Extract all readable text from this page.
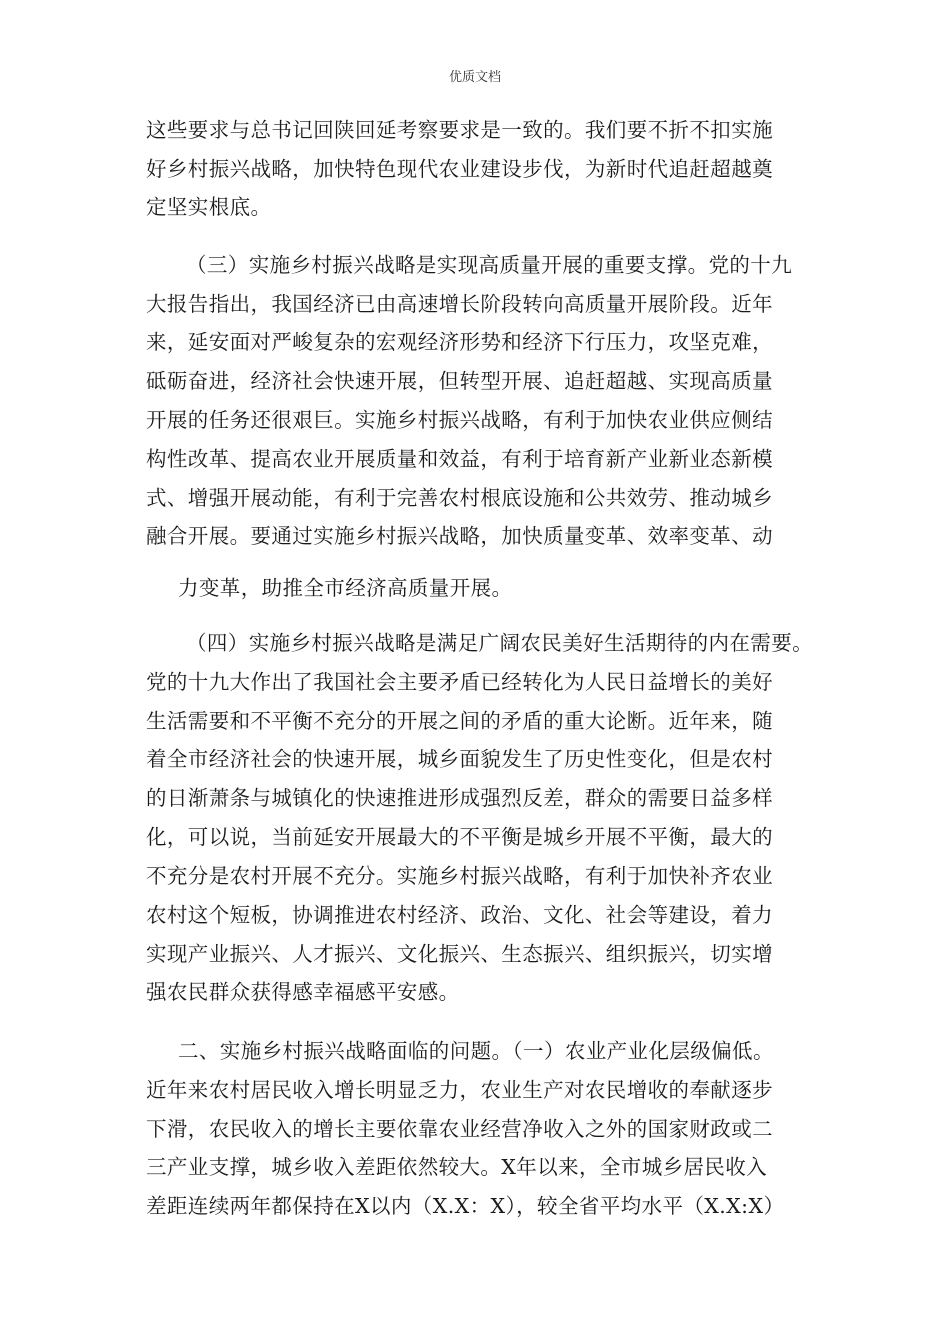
优质文档
这些要求与总书记回陕回延考察要求是一致的。我们要不折不扣实施
好乡村振兴战略，加快特色现代农业建设步伐，为新时代追赶超越奠
定坚实根底。
（三）实施乡村振兴战略是实现高质量开展的重要支撑。党的十九
大报告指出，我国经济已由高速增长阶段转向高质量开展阶段。近年
来，延安面对严峻复杂的宏观经济形势和经济下行压力，攻坚克难，
砥砺奋进，经济社会快速开展，但转型开展、追赶超越、实现高质量
开展的任务还很艰巨。实施乡村振兴战略，有利于加快农业供应侧结
构性改革、提高农业开展质量和效益，有利于培育新产业新业态新模
式、增强开展动能，有利于完善农村根底设施和公共效劳、推动城乡
融合开展。要通过实施乡村振兴战略，加快质量变革、效率变革、动
力变革，助推全市经济高质量开展。
（四）实施乡村振兴战略是满足广阔农民美好生活期待的内在需要。
党的十九大作出了我国社会主要矛盾已经转化为人民日益增长的美好
生活需要和不平衡不充分的开展之间的矛盾的重大论断。近年来，随
着全市经济社会的快速开展，城乡面貌发生了历史性变化，但是农村
的日渐萧条与城镇化的快速推进形成强烈反差，群众的需要日益多样
化，可以说，当前延安开展最大的不平衡是城乡开展不平衡，最大的
不充分是农村开展不充分。实施乡村振兴战略，有利于加快补齐农业
农村这个短板，协调推进农村经济、政治、文化、社会等建设，着力
实现产业振兴、人才振兴、文化振兴、生态振兴、组织振兴，切实增
强农民群众获得感幸福感平安感。
二、实施乡村振兴战略面临的问题。（一）农业产业化层级偏低。
近年来农村居民收入增长明显乏力，农业生产对农民增收的奉献逐步
下滑，农民收入的增长主要依靠农业经营净收入之外的国家财政或二
三产业支撑，城乡收入差距依然较大。X年以来，全市城乡居民收入
差距连续两年都保持在X以内（X.X：X），较全省平均水平（X.X:X）
